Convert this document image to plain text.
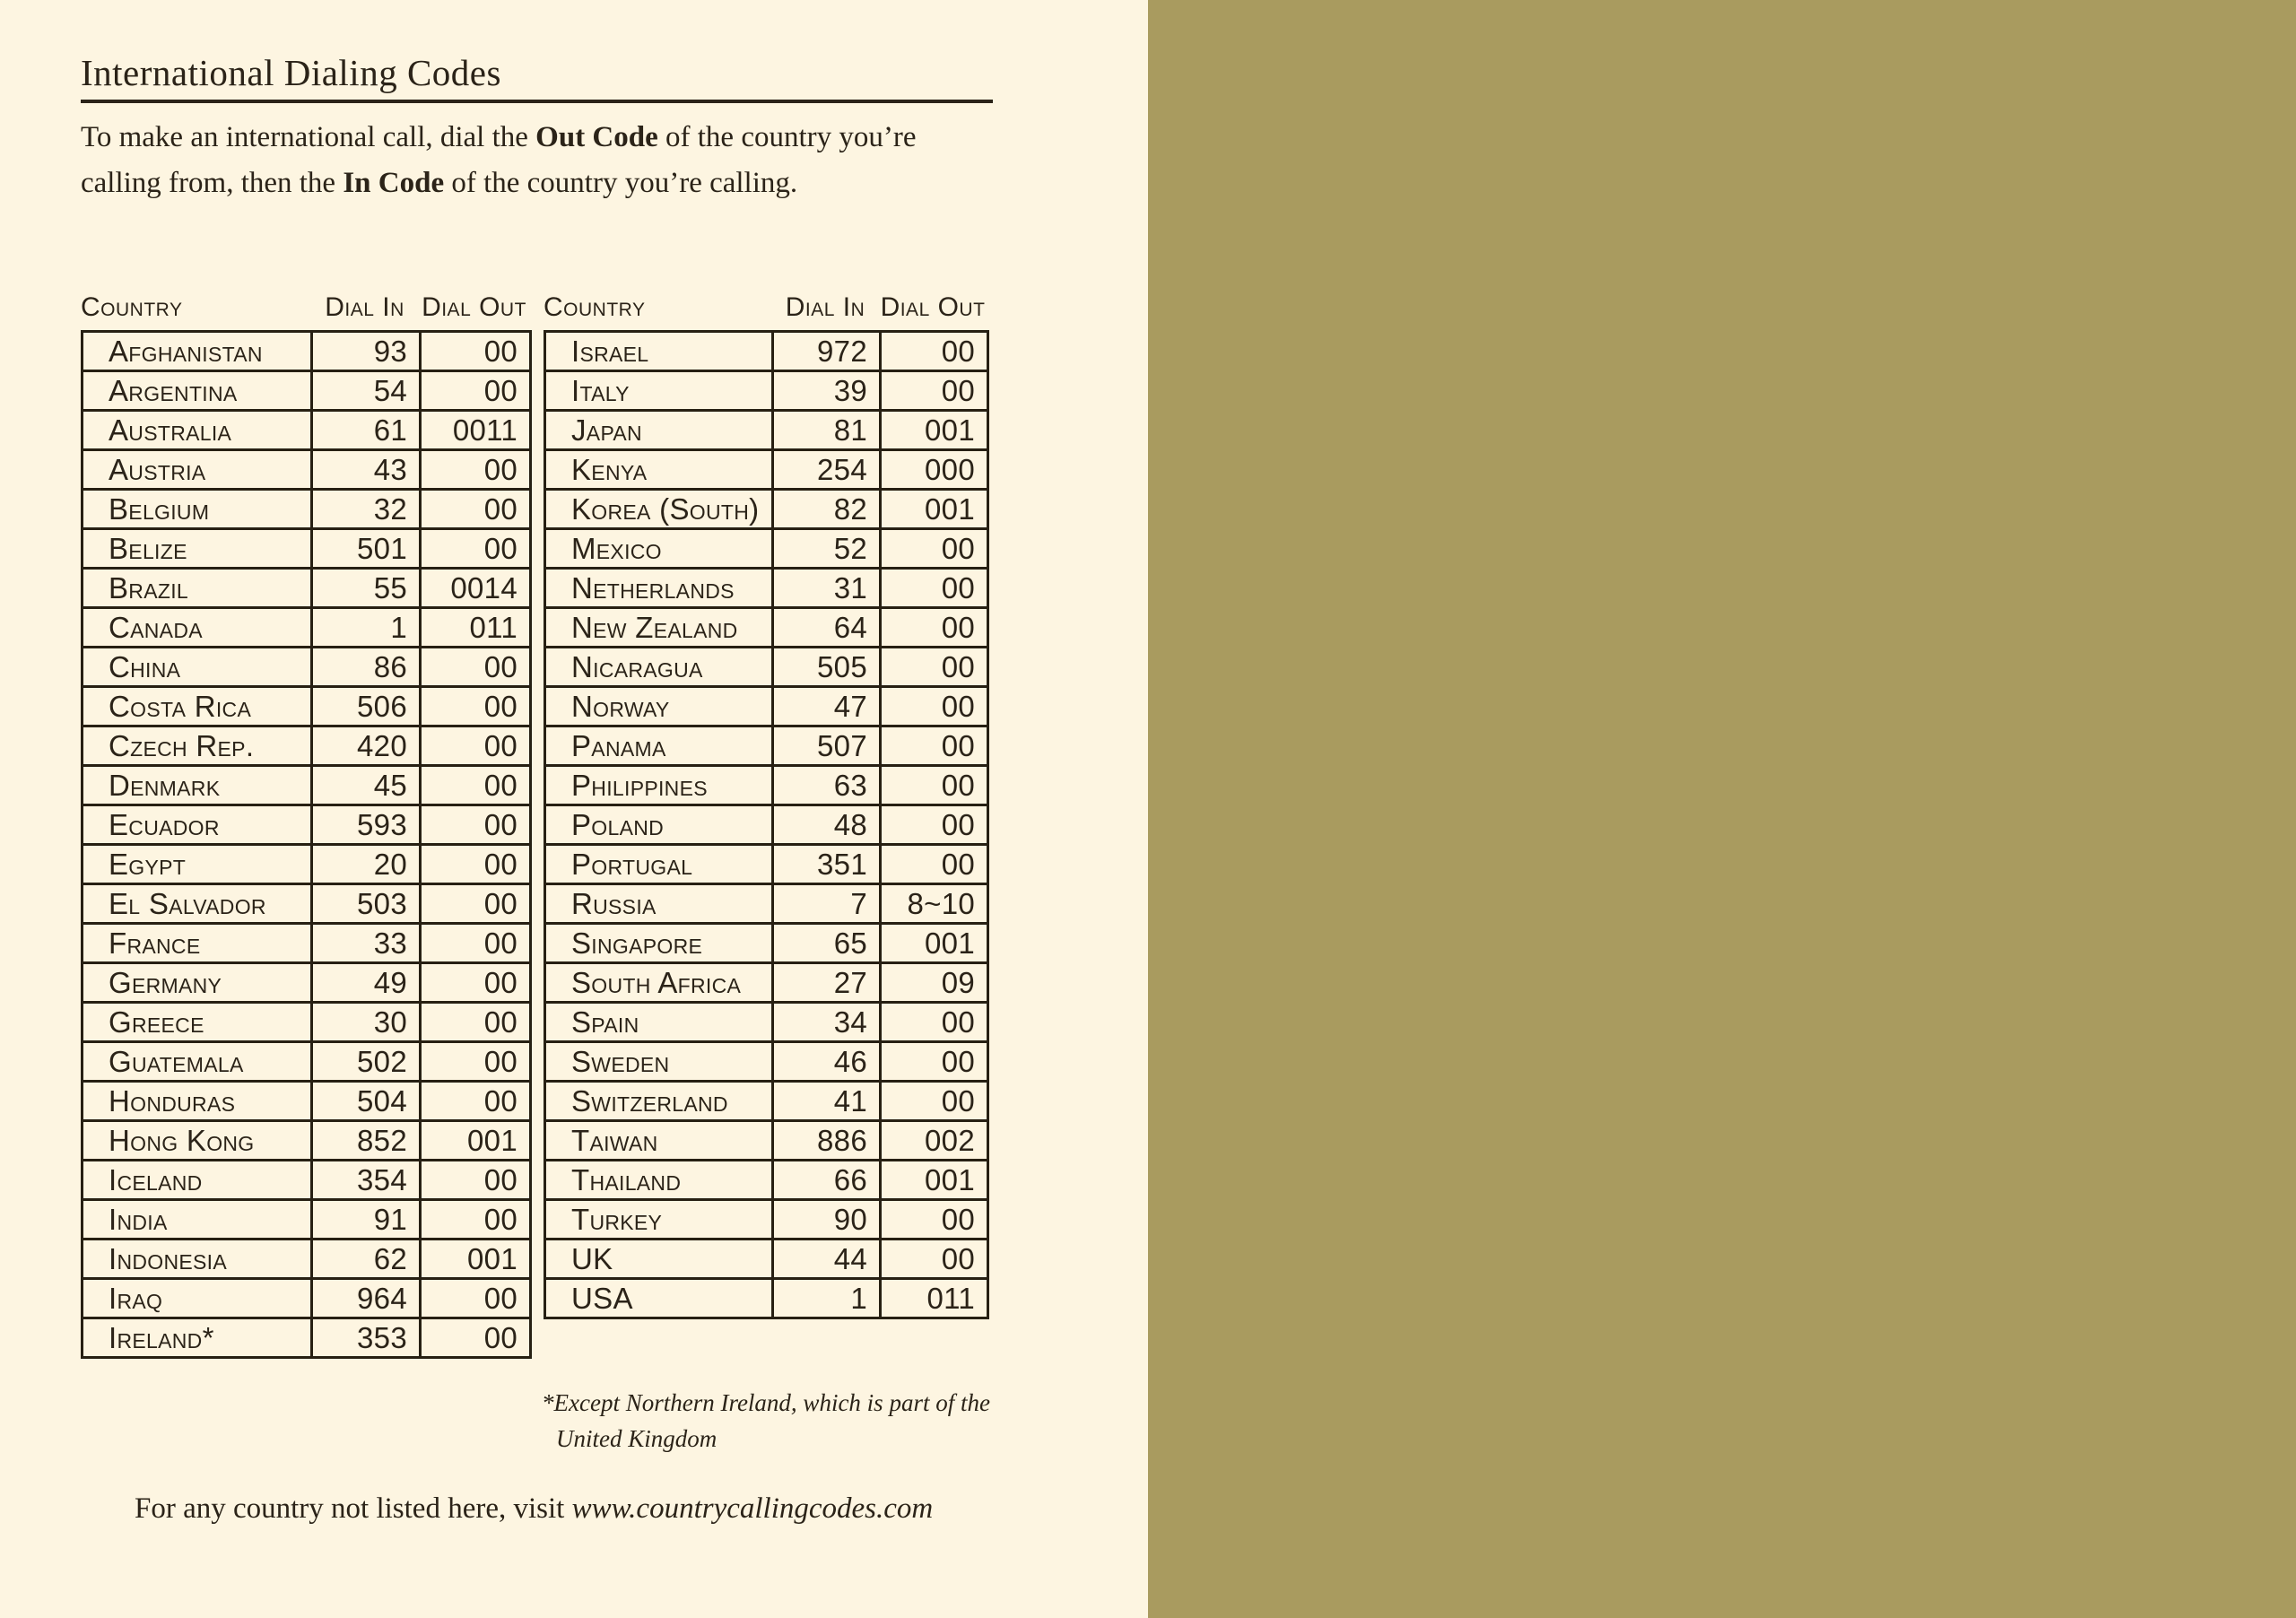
International Dialing Codes

To make an international call, dial the Out Code of the country you’re
calling from, then the In Code of the country you’re calling.

Country	Dial In Dial Out
Afghanistan	93	00
Argentina	54	00
Australia	61	0011
Austria	43	00
Belgium	32	00
Belize	501	00
Brazil	55	0014
Canada	1	011
China	86	00
Costa Rica	506	00
Czech Rep.	420	00
Denmark	45	00
Ecuador	593	00
Egypt	20	00
El Salvador	503	00
France	33	00
Germany	49	00
Greece	30	00
Guatemala	502	00
Honduras	504	00
Hong Kong	852	001
Iceland	354	00
India	91	00
Indonesia	62	001
Iraq	964	00
Ireland*	353	00
Country	Dial In Dial Out
Israel	972	00
Italy	39	00
Japan	81	001
Kenya	254	000
Korea (South)	82	001
Mexico	52	00
Netherlands	31	00
New Zealand	64	00
Nicaragua	505	00
Norway	47	00
Panama	507	00
Philippines	63	00
Poland	48	00
Portugal	351	00
Russia	7	8~10
Singapore	65	001
South Africa	27	09
Spain	34	00
Sweden	46	00
Switzerland	41	00
Taiwan	886	002
Thailand	66	001
Turkey	90	00
UK	44	00
USA	1	011
*Except Northern Ireland, which is part of the
United Kingdom
For any country not listed here, visit www.countrycallingcodes.com
